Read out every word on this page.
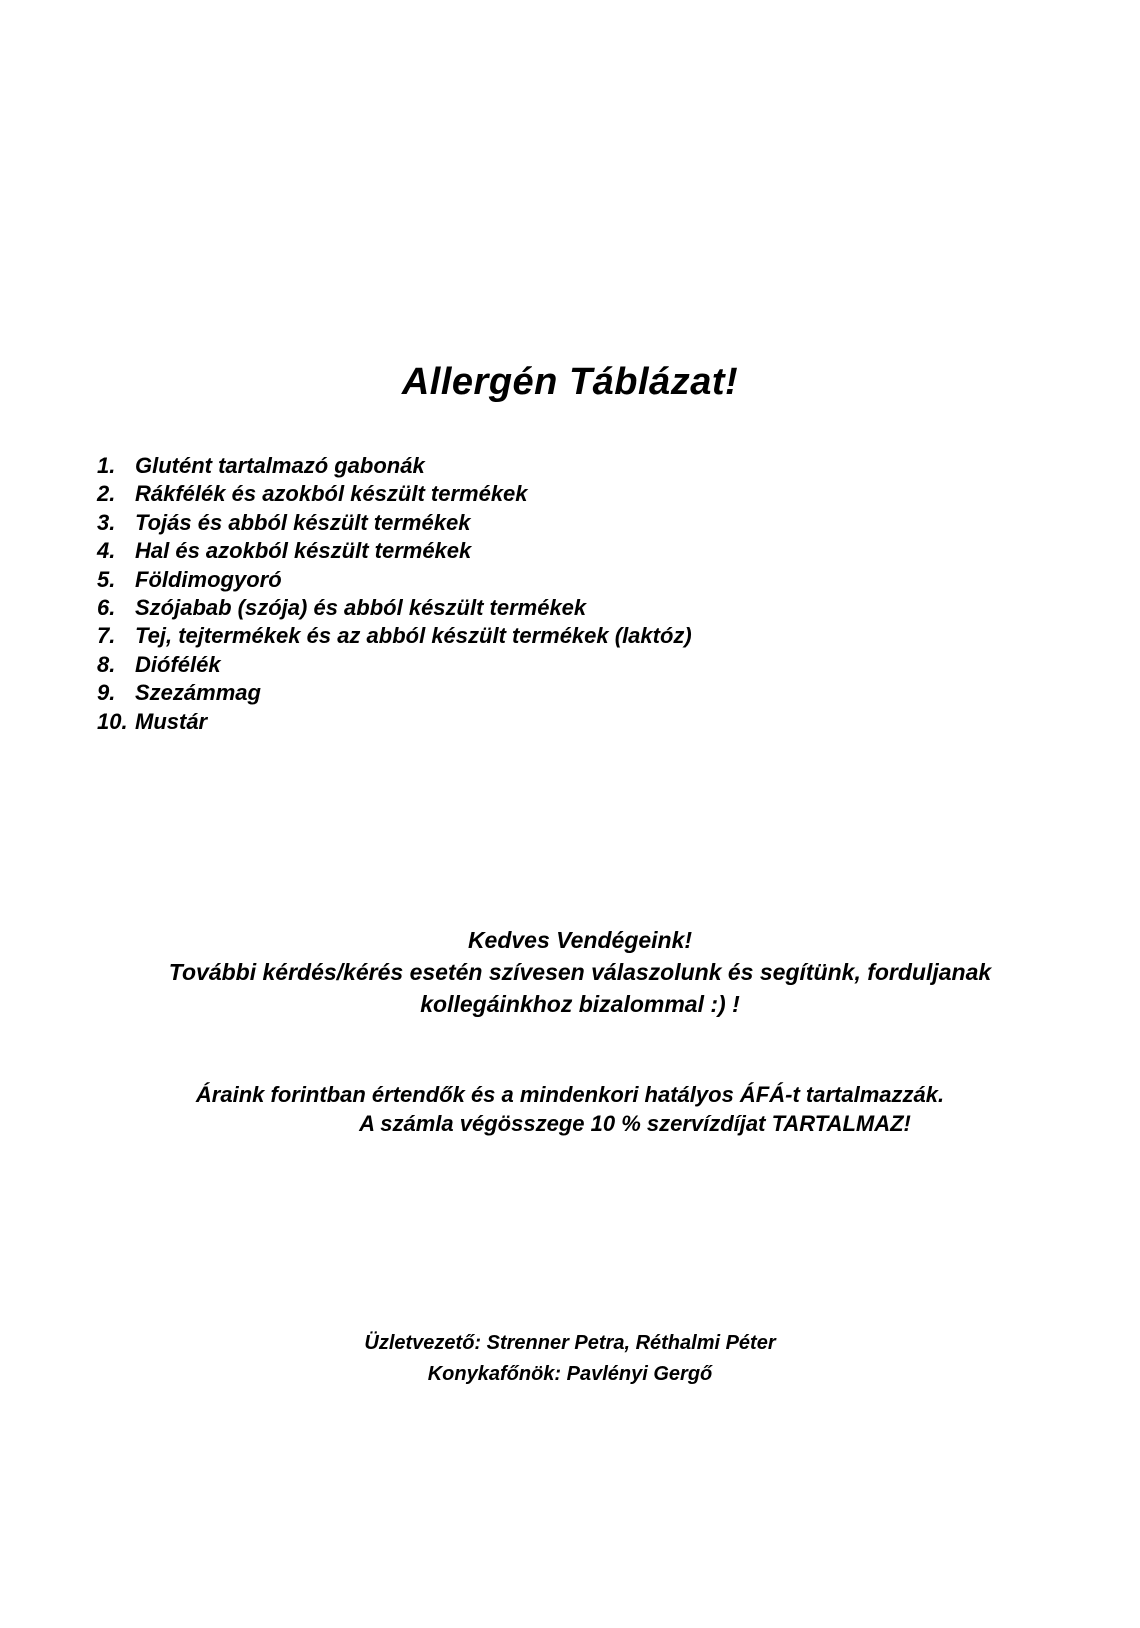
Allergén Táblázat!
1. Glutént tartalmazó gabonák
2. Rákfélék és azokból készült termékek
3. Tojás és abból készült termékek
4. Hal és azokból készült termékek
5. Földimogyoró
6. Szójabab (szója) és abból készült termékek
7. Tej, tejtermékek és az abból készült termékek (laktóz)
8. Diófélék
9. Szezámmag
10. Mustár
Kedves Vendégeink!
További kérdés/kérés esetén szívesen válaszolunk és segítünk, forduljanak
kollegáinkhoz bizalommal :) !
Áraink forintban értendők és a mindenkori hatályos ÁFÁ-t tartalmazzák.
A számla végösszege 10 % szervízdíjat TARTALMAZ!
Üzletvezető: Strenner Petra, Réthalmi Péter
Konykafőnök: Pavlényi Gergő
